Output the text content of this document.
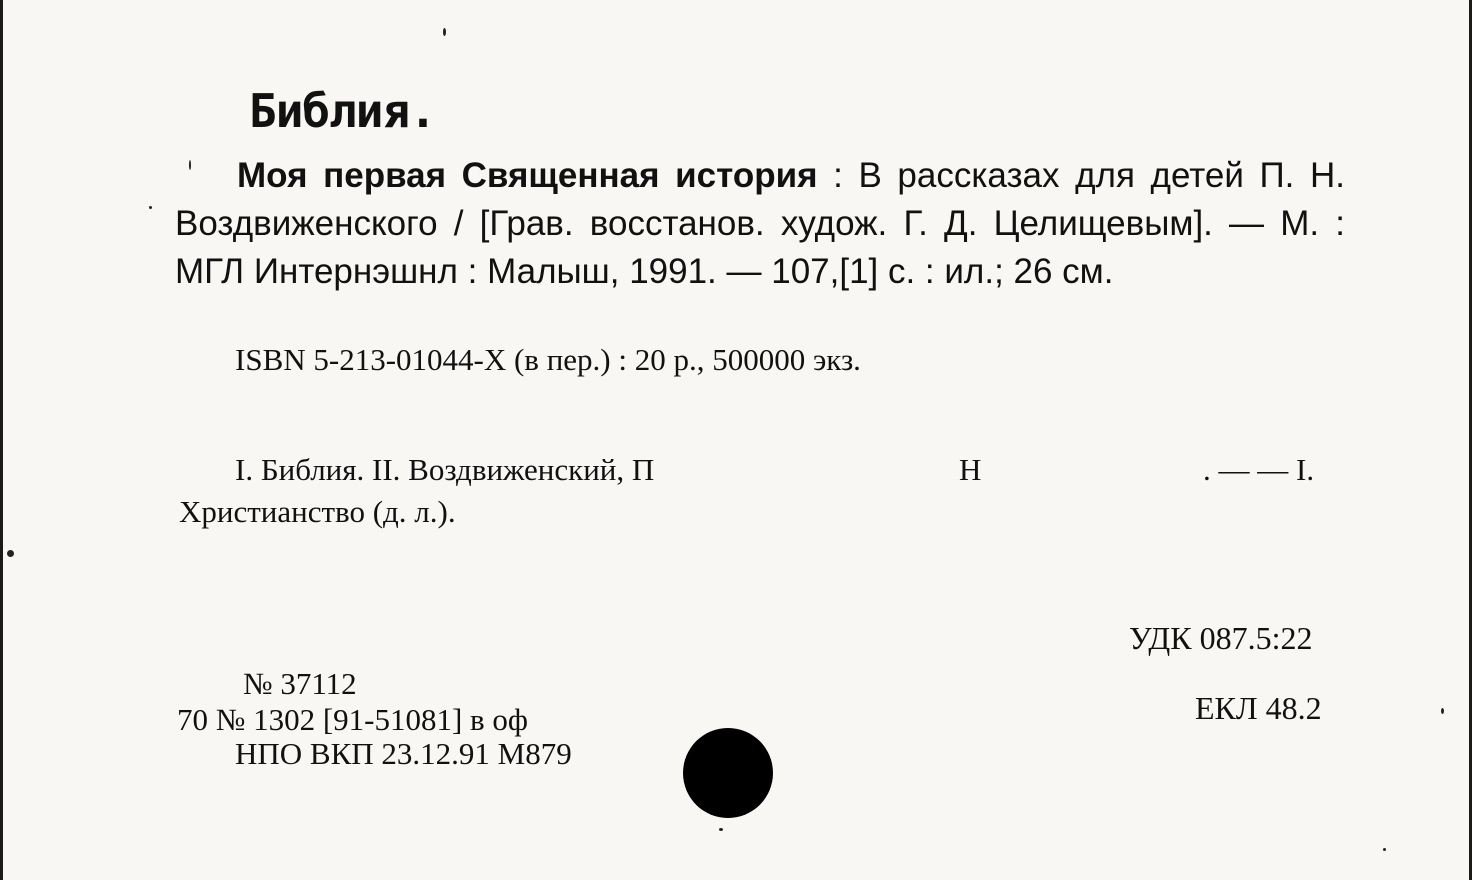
Библия.
Моя первая Священная история : В рассказах для детей П. Н. Воздвиженского / [Грав. восстанов. худож. Г. Д. Целищевым]. — М. : МГЛ Интернэшнл : Малыш, 1991. — 107,[1] с. : ил.; 26 см.
ISBN 5-213-01044-X (в пер.) : 20 р., 500000 экз.
I. Библия. II. Воздвиженский, П	Н	. — — I.
Христианство (д. л.).
УДК 087.5:22
ЕКЛ 48.2
№ 37112
70 № 1302 [91-51081] в оф
НПО ВКП 23.12.91 М879
